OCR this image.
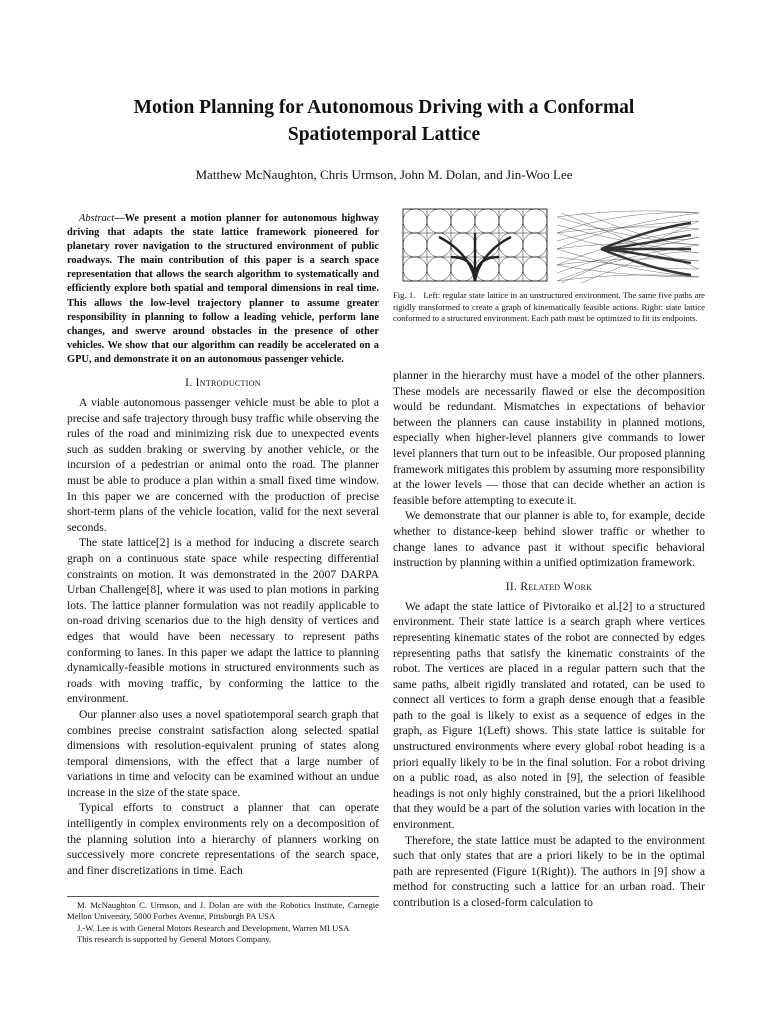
Motion Planning for Autonomous Driving with a Conformal
Spatiotemporal Lattice
Matthew McNaughton, Chris Urmson, John M. Dolan, and Jin-Woo Lee
Abstract—We present a motion planner for autonomous highway driving that adapts the state lattice framework pioneered for planetary rover navigation to the structured environment of public roadways. The main contribution of this paper is a search space representation that allows the search algorithm to systematically and efficiently explore both spatial and temporal dimensions in real time. This allows the low-level trajectory planner to assume greater responsibility in planning to follow a leading vehicle, perform lane changes, and swerve around obstacles in the presence of other vehicles. We show that our algorithm can readily be accelerated on a GPU, and demonstrate it on an autonomous passenger vehicle.
I. Introduction

A viable autonomous passenger vehicle must be able to plot a precise and safe trajectory through busy traffic while observing the rules of the road and minimizing risk due to unexpected events such as sudden braking or swerving by another vehicle, or the incursion of a pedestrian or animal onto the road. The planner must be able to produce a plan within a small fixed time window. In this paper we are concerned with the production of precise short-term plans of the vehicle location, valid for the next several seconds.

The state lattice[2] is a method for inducing a discrete search graph on a continuous state space while respecting differential constraints on motion. It was demonstrated in the 2007 DARPA Urban Challenge[8], where it was used to plan motions in parking lots. The lattice planner formulation was not readily applicable to on-road driving scenarios due to the high density of vertices and edges that would have been necessary to represent paths conforming to lanes. In this paper we adapt the lattice to planning dynamically-feasible motions in structured environments such as roads with moving traffic, by conforming the lattice to the environment.

Our planner also uses a novel spatiotemporal search graph that combines precise constraint satisfaction along selected spatial dimensions with resolution-equivalent pruning of states along temporal dimensions, with the effect that a large number of variations in time and velocity can be examined without an undue increase in the size of the state space.

Typical efforts to construct a planner that can operate intelligently in complex environments rely on a decomposition of the planning solution into a hierarchy of planners working on successively more concrete representations of the search space, and finer discretizations in time. Each

M. McNaughton C. Urmson, and J. Dolan are with the Robotics Institute, Carnegie Mellon University, 5000 Forbes Avenue, Pittsburgh PA USA
J.-W. Lee is with General Motors Research and Development, Warren MI USA
This research is supported by General Motors Company.
Fig. 1. Left: regular state lattice in an unstructured environment. The same five paths are rigidly transformed to create a graph of kinematically feasible actions. Right: state lattice conformed to a structured environment. Each path must be optimized to fit its endpoints.

planner in the hierarchy must have a model of the other planners. These models are necessarily flawed or else the decomposition would be redundant. Mismatches in expectations of behavior between the planners can cause instability in planned motions, especially when higher-level planners give commands to lower level planners that turn out to be infeasible. Our proposed planning framework mitigates this problem by assuming more responsibility at the lower levels — those that can decide whether an action is feasible before attempting to execute it.

We demonstrate that our planner is able to, for example, decide whether to distance-keep behind slower traffic or whether to change lanes to advance past it without specific behavioral instruction by planning within a unified optimization framework.

II. Related Work

We adapt the state lattice of Pivtoraiko et al.[2] to a structured environment. Their state lattice is a search graph where vertices representing kinematic states of the robot are connected by edges representing paths that satisfy the kinematic constraints of the robot. The vertices are placed in a regular pattern such that the same paths, albeit rigidly translated and rotated, can be used to connect all vertices to form a graph dense enough that a feasible path to the goal is likely to exist as a sequence of edges in the graph, as Figure 1(Left) shows. This state lattice is suitable for unstructured environments where every global robot heading is a priori equally likely to be in the final solution. For a robot driving on a public road, as also noted in [9], the selection of feasible headings is not only highly constrained, but the a priori likelihood that they would be a part of the solution varies with location in the environment.

Therefore, the state lattice must be adapted to the environment such that only states that are a priori likely to be in the optimal path are represented (Figure 1(Right)). The authors in [9] show a method for constructing such a lattice for an urban road. Their contribution is a closed-form calculation to
